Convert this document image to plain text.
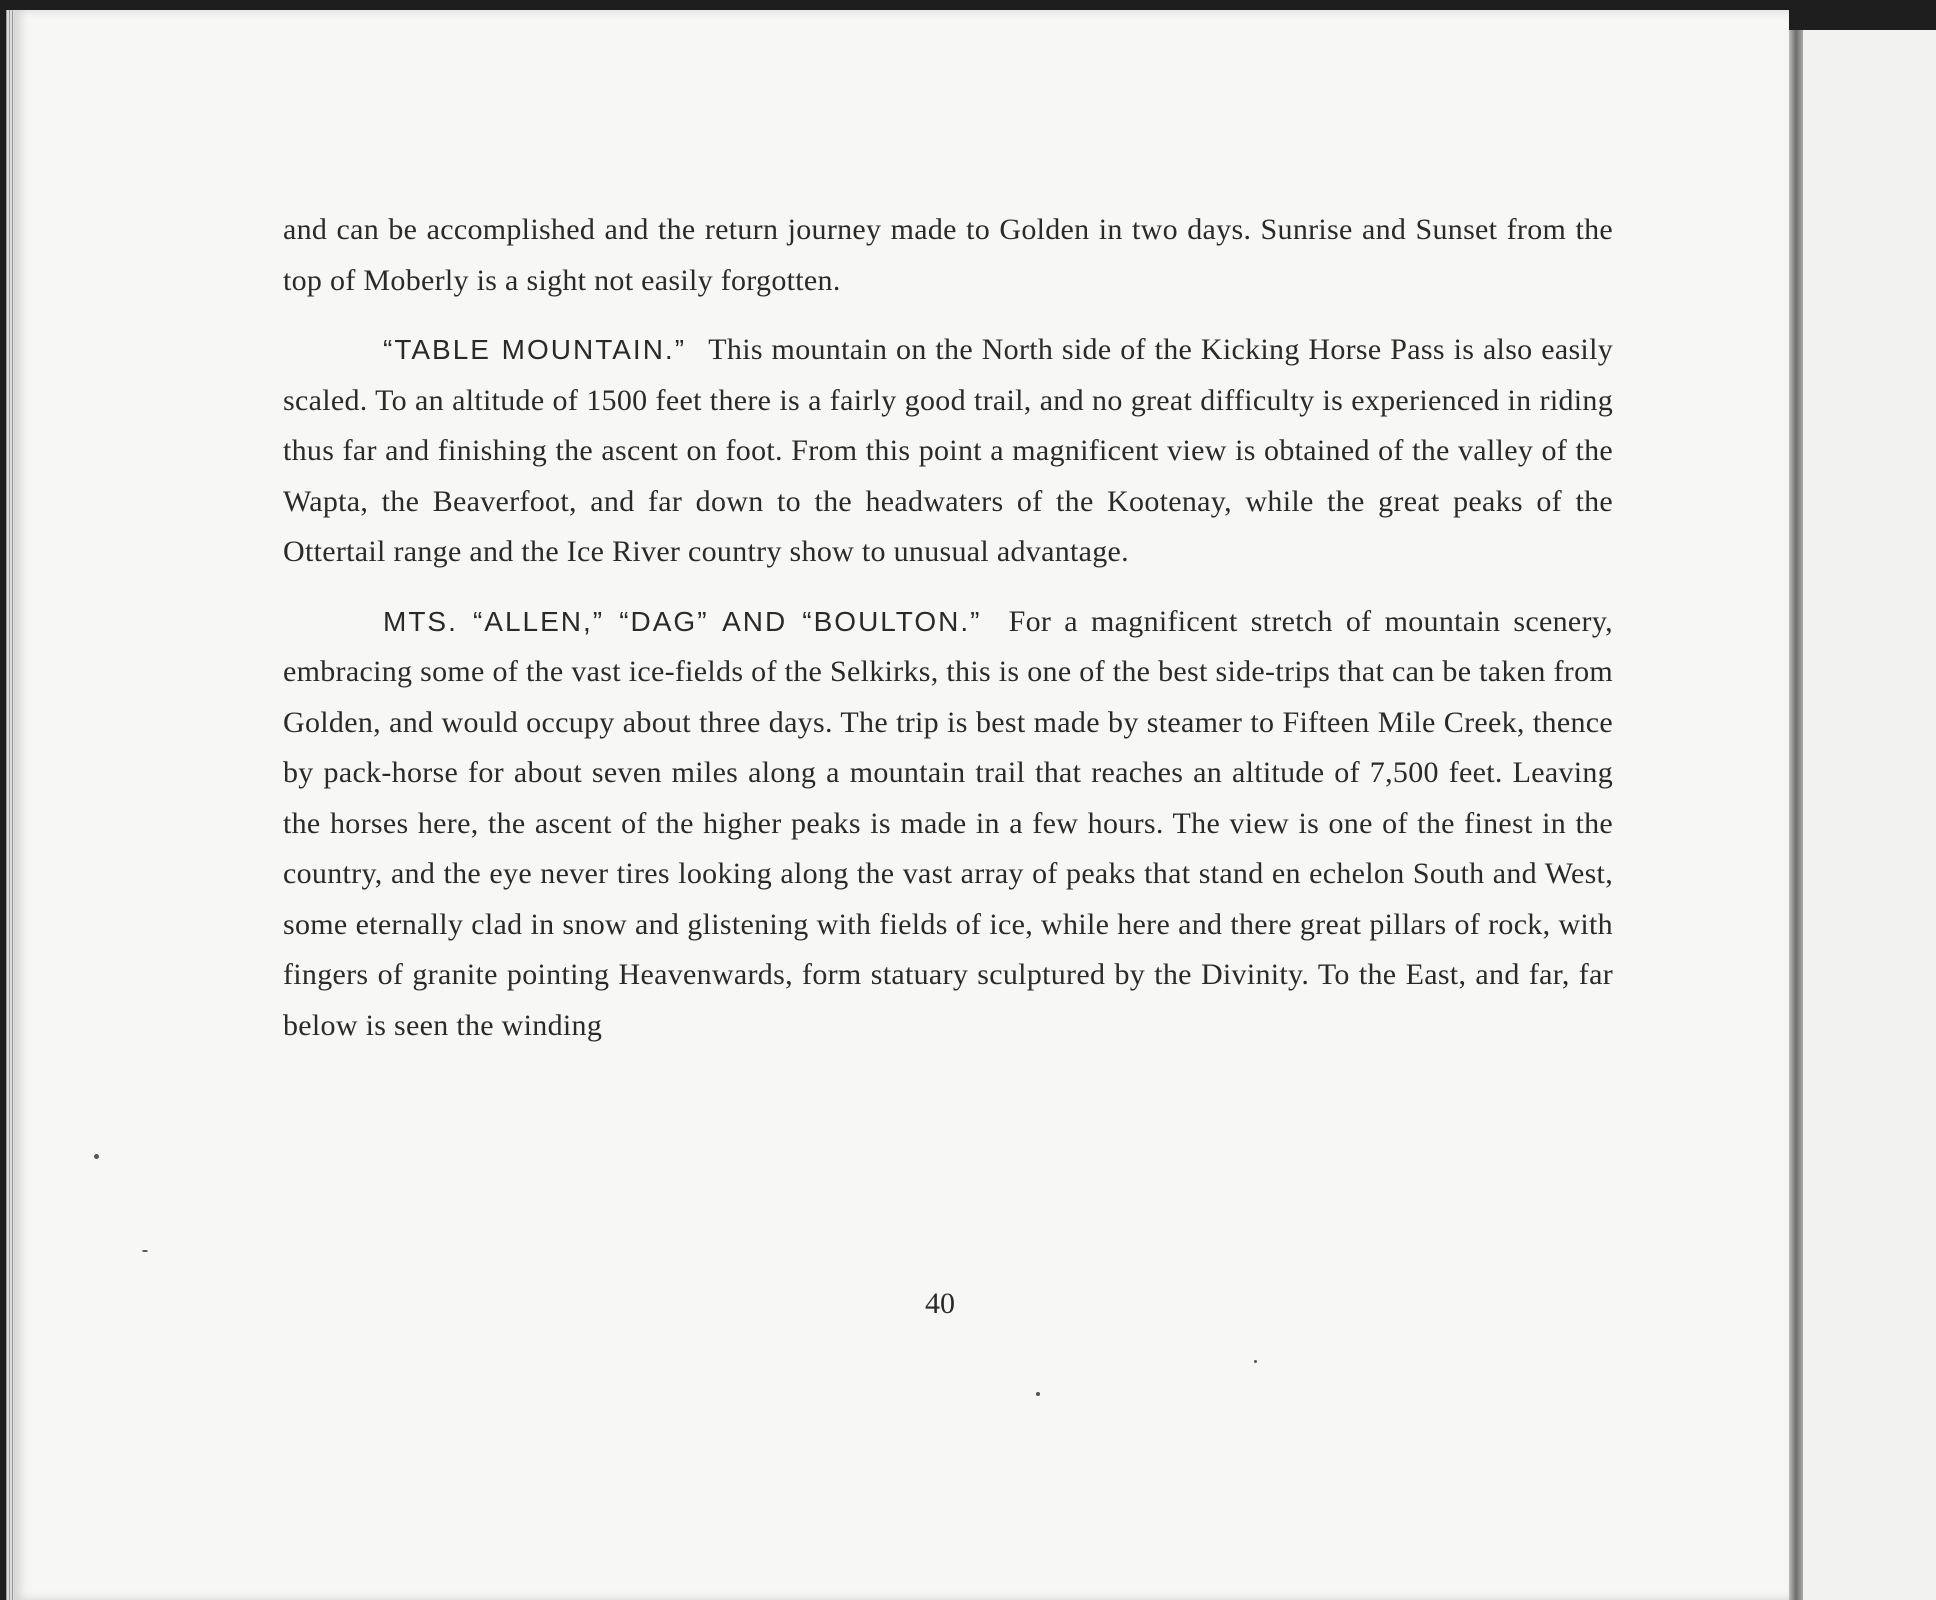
and can be accomplished and the return journey made to Golden in two days. Sunrise and Sunset from the top of Moberly is a sight not easily forgotten.

“TABLE MOUNTAIN.” This mountain on the North side of the Kicking Horse Pass is also easily scaled. To an altitude of 1500 feet there is a fairly good trail, and no great difficulty is experienced in riding thus far and finishing the ascent on foot. From this point a magnificent view is obtained of the valley of the Wapta, the Beaverfoot, and far down to the headwaters of the Kootenay, while the great peaks of the Ottertail range and the Ice River country show to unusual advantage.

MTS. “ALLEN,” “DAG” AND “BOULTON.” For a magnificent stretch of mountain scenery, embracing some of the vast ice-fields of the Selkirks, this is one of the best side-trips that can be taken from Golden, and would occupy about three days. The trip is best made by steamer to Fifteen Mile Creek, thence by pack-horse for about seven miles along a mountain trail that reaches an altitude of 7,500 feet. Leaving the horses here, the ascent of the higher peaks is made in a few hours. The view is one of the finest in the country, and the eye never tires looking along the vast array of peaks that stand en echelon South and West, some eternally clad in snow and glistening with fields of ice, while here and there great pillars of rock, with fingers of granite pointing Heavenwards, form statuary sculptured by the Divinity. To the East, and far, far below is seen the winding

40
